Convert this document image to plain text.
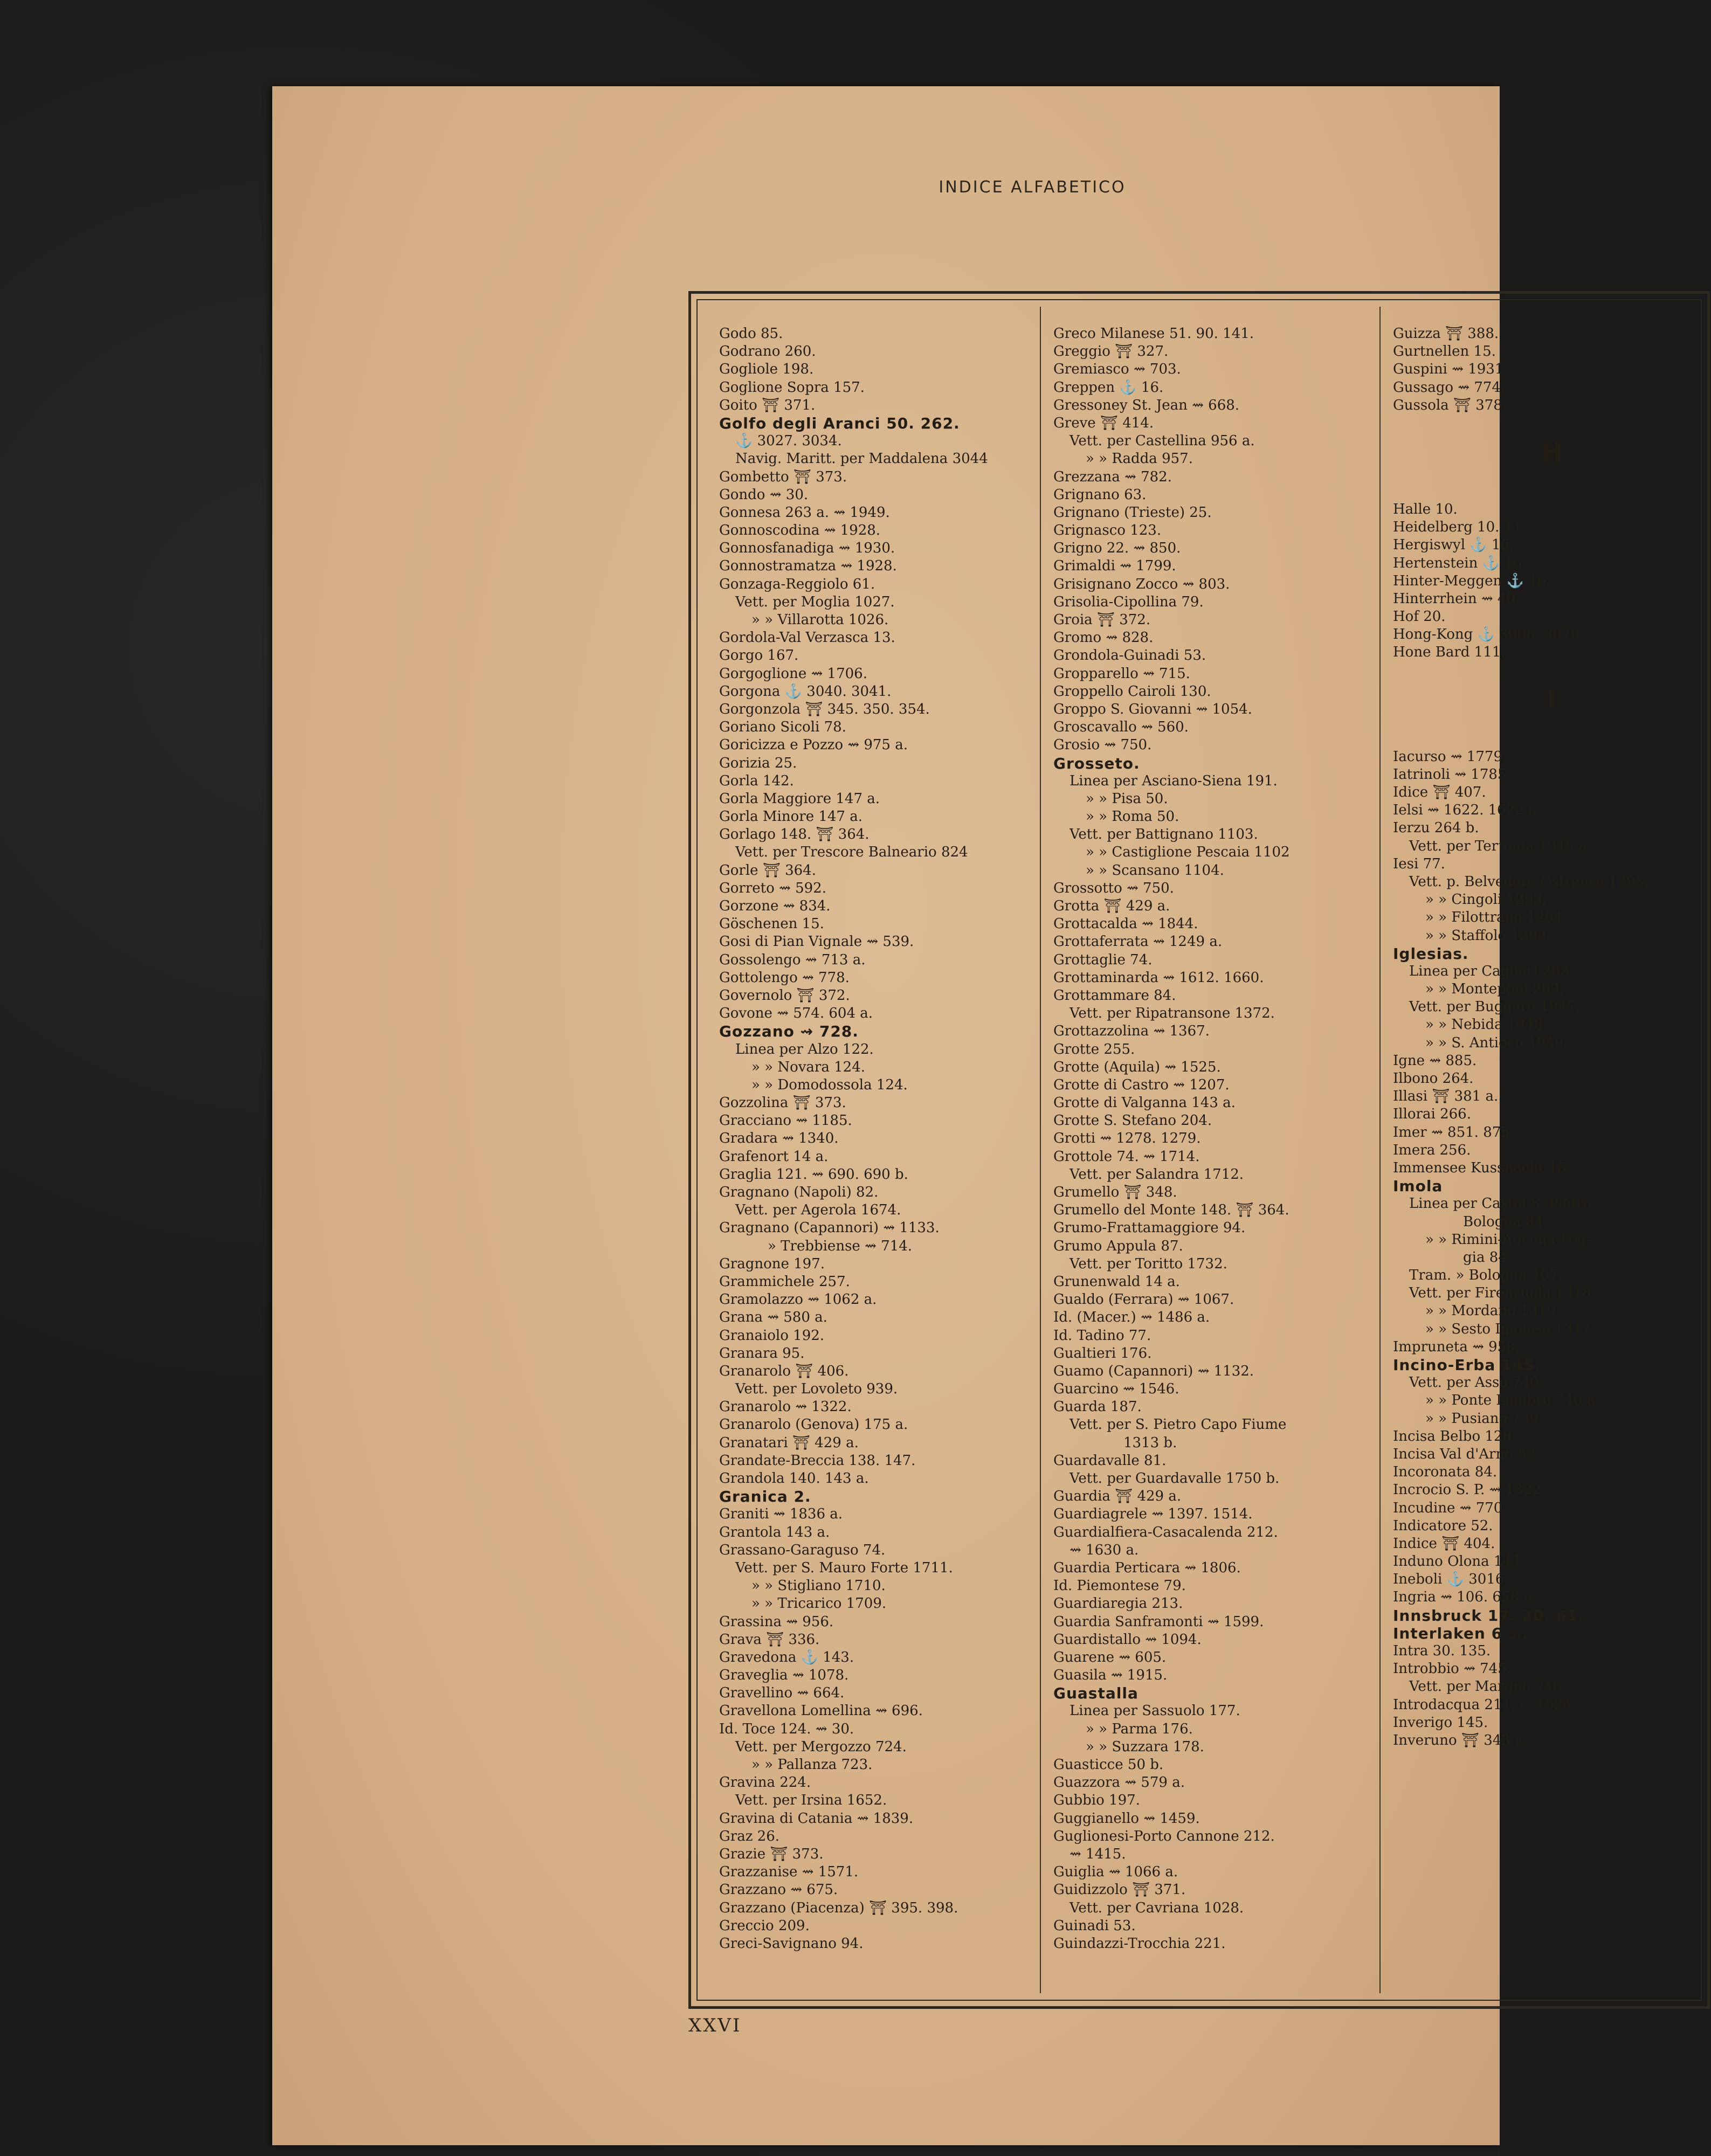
INDICE ALFABETICO
Godo 85.
Godrano 260.
Gogliole 198.
Goglione Sopra 157.
Goito ⛩ 371.
Golfo degli Aranci 50. 262.
⚓ 3027. 3034.
Navig. Maritt. per Maddalena 3044
Gombetto ⛩ 373.
Gondo ⇝ 30.
Gonnesa 263 a. ⇝ 1949.
Gonnoscodina ⇝ 1928.
Gonnosfanadiga ⇝ 1930.
Gonnostramatza ⇝ 1928.
Gonzaga-Reggiolo 61.
Vett. per Moglia 1027.
» » Villarotta 1026.
Gordola-Val Verzasca 13.
Gorgo 167.
Gorgoglione ⇝ 1706.
Gorgona ⚓ 3040. 3041.
Gorgonzola ⛩ 345. 350. 354.
Goriano Sicoli 78.
Goricizza e Pozzo ⇝ 975 a.
Gorizia 25.
Gorla 142.
Gorla Maggiore 147 a.
Gorla Minore 147 a.
Gorlago 148. ⛩ 364.
Vett. per Trescore Balneario 824
Gorle ⛩ 364.
Gorreto ⇝ 592.
Gorzone ⇝ 834.
Göschenen 15.
Gosi di Pian Vignale ⇝ 539.
Gossolengo ⇝ 713 a.
Gottolengo ⇝ 778.
Governolo ⛩ 372.
Govone ⇝ 574. 604 a.
Gozzano ⇝ 728.
Linea per Alzo 122.
» » Novara 124.
» » Domodossola 124.
Gozzolina ⛩ 373.
Gracciano ⇝ 1185.
Gradara ⇝ 1340.
Grafenort 14 a.
Graglia 121. ⇝ 690. 690 b.
Gragnano (Napoli) 82.
Vett. per Agerola 1674.
Gragnano (Capannori) ⇝ 1133.
» Trebbiense ⇝ 714.
Gragnone 197.
Grammichele 257.
Gramolazzo ⇝ 1062 a.
Grana ⇝ 580 a.
Granaiolo 192.
Granara 95.
Granarolo ⛩ 406.
Vett. per Lovoleto 939.
Granarolo ⇝ 1322.
Granarolo (Genova) 175 a.
Granatari ⛩ 429 a.
Grandate-Breccia 138. 147.
Grandola 140. 143 a.
Granica 2.
Graniti ⇝ 1836 a.
Grantola 143 a.
Grassano-Garaguso 74.
Vett. per S. Mauro Forte 1711.
» » Stigliano 1710.
» » Tricarico 1709.
Grassina ⇝ 956.
Grava ⛩ 336.
Gravedona ⚓ 143.
Graveglia ⇝ 1078.
Gravellino ⇝ 664.
Gravellona Lomellina ⇝ 696.
Id. Toce 124. ⇝ 30.
Vett. per Mergozzo 724.
» » Pallanza 723.
Gravina 224.
Vett. per Irsina 1652.
Gravina di Catania ⇝ 1839.
Graz 26.
Grazie ⛩ 373.
Grazzanise ⇝ 1571.
Grazzano ⇝ 675.
Grazzano (Piacenza) ⛩ 395. 398.
Greccio 209.
Greci-Savignano 94.
Greco Milanese 51. 90. 141.
Greggio ⛩ 327.
Gremiasco ⇝ 703.
Greppen ⚓ 16.
Gressoney St. Jean ⇝ 668.
Greve ⛩ 414.
Vett. per Castellina 956 a.
» » Radda 957.
Grezzana ⇝ 782.
Grignano 63.
Grignano (Trieste) 25.
Grignasco 123.
Grigno 22. ⇝ 850.
Grimaldi ⇝ 1799.
Grisignano Zocco ⇝ 803.
Grisolia-Cipollina 79.
Groia ⛩ 372.
Gromo ⇝ 828.
Grondola-Guinadi 53.
Gropparello ⇝ 715.
Groppello Cairoli 130.
Groppo S. Giovanni ⇝ 1054.
Groscavallo ⇝ 560.
Grosio ⇝ 750.
Grosseto.
Linea per Asciano-Siena 191.
» » Pisa 50.
» » Roma 50.
Vett. per Battignano 1103.
» » Castiglione Pescaia 1102
» » Scansano 1104.
Grossotto ⇝ 750.
Grotta ⛩ 429 a.
Grottacalda ⇝ 1844.
Grottaferrata ⇝ 1249 a.
Grottaglie 74.
Grottaminarda ⇝ 1612. 1660.
Grottammare 84.
Vett. per Ripatransone 1372.
Grottazzolina ⇝ 1367.
Grotte 255.
Grotte (Aquila) ⇝ 1525.
Grotte di Castro ⇝ 1207.
Grotte di Valganna 143 a.
Grotte S. Stefano 204.
Grotti ⇝ 1278. 1279.
Grottole 74. ⇝ 1714.
Vett. per Salandra 1712.
Grumello ⛩ 348.
Grumello del Monte 148. ⛩ 364.
Grumo-Frattamaggiore 94.
Grumo Appula 87.
Vett. per Toritto 1732.
Grunenwald 14 a.
Gualdo (Ferrara) ⇝ 1067.
Id. (Macer.) ⇝ 1486 a.
Id. Tadino 77.
Gualtieri 176.
Guamo (Capannori) ⇝ 1132.
Guarcino ⇝ 1546.
Guarda 187.
Vett. per S. Pietro Capo Fiume
1313 b.
Guardavalle 81.
Vett. per Guardavalle 1750 b.
Guardia ⛩ 429 a.
Guardiagrele ⇝ 1397. 1514.
Guardialfiera-Casacalenda 212.
⇝ 1630 a.
Guardia Perticara ⇝ 1806.
Id. Piemontese 79.
Guardiaregia 213.
Guardia Sanframonti ⇝ 1599.
Guardistallo ⇝ 1094.
Guarene ⇝ 605.
Guasila ⇝ 1915.
Guastalla
Linea per Sassuolo 177.
» » Parma 176.
» » Suzzara 178.
Guasticce 50 b.
Guazzora ⇝ 579 a.
Gubbio 197.
Guggianello ⇝ 1459.
Guglionesi-Porto Cannone 212.
⇝ 1415.
Guiglia ⇝ 1066 a.
Guidizzolo ⛩ 371.
Vett. per Cavriana 1028.
Guinadi 53.
Guindazzi-Trocchia 221.
Guizza ⛩ 388.
Gurtnellen 15.
Guspini ⇝ 1931.
Gussago ⇝ 774.
Gussola ⛩ 378.
H
Halle 10.
Heidelberg 10. 11.
Hergiswyl ⚓ 16.
Hertenstein ⚓ 16.
Hinter-Meggen ⚓ 16.
Hinterrhein ⇝ 40.
Hof 20.
Hong-Kong ⚓ 3006. 3079.
Hone Bard 111.
I
Iacurso ⇝ 1779.
Iatrinoli ⇝ 1785.
Idice ⛩ 407.
Ielsi ⇝ 1622. 1622 a.
Ierzu 264 b.
Vett. per Tertenia 1945 a.
Iesi 77.
Vett. p. Belvedere Ostrense 1295.
» » Cingoli 1293.
» » Filottrano 1294.
» » Staffolo 1292.
Iglesias.
Linea per Cagliari 263.
» » Monteponi 263.
Vett. per Buggero 1947.
» » Nebida 1948.
» » S. Antioco 1949.
Igne ⇝ 885.
Ilbono 264.
Illasi ⛩ 381 a.
Illorai 266.
Imer ⇝ 851. 875.
Imera 256.
Immensee Kussnacht 15.
Imola
Linea per Castel S. Pietro –
Bologna 84.
» » Rimini-Ancona-Fog-
gia 84.
Tram. » Bologna 407.
Vett. per Firenzuola 1318.
» » Mordano 1319.
» » Sesto Imolese 1317.
Impruneta ⇝ 958.
Incino-Erba 145.
Vett. per Asso 740.
» » Ponte Lambro 740 a
» » Pusiano 739.
Incisa Belbo 128.
Incisa Val d'Arno 52.
Incoronata 84.
Incrocio S. P. ⇝ 1322.
Incudine ⇝ 770.
Indicatore 52.
Indice ⛩ 404.
Induno Olona 144.
Ineboli ⚓ 3016.
Ingria ⇝ 106. 658 a.
Innsbruck 17. 20. 61.
Interlaken 6 ⚓.
Intra 30. 135.
Introbbio ⇝ 745.
Vett. per Margno 746.
Introdacqua 211. ⇝ 1524.
Inverigo 145.
Inveruno ⛩ 343 a.

XXVI
